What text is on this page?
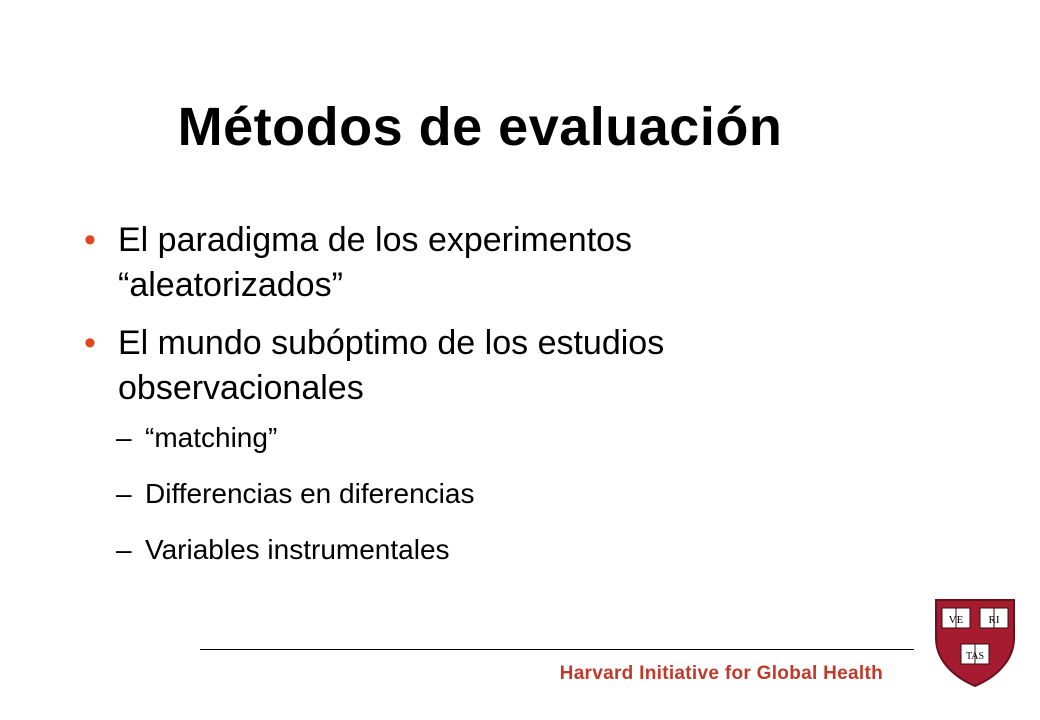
Métodos de evaluación
• El paradigma de los experimentos “aleatorizados”
• El mundo subóptimo de los estudios observacionales
– “matching”
– Differencias en diferencias
– Variables instrumentales
Harvard Initiative for Global Health
VE RI
TAS
